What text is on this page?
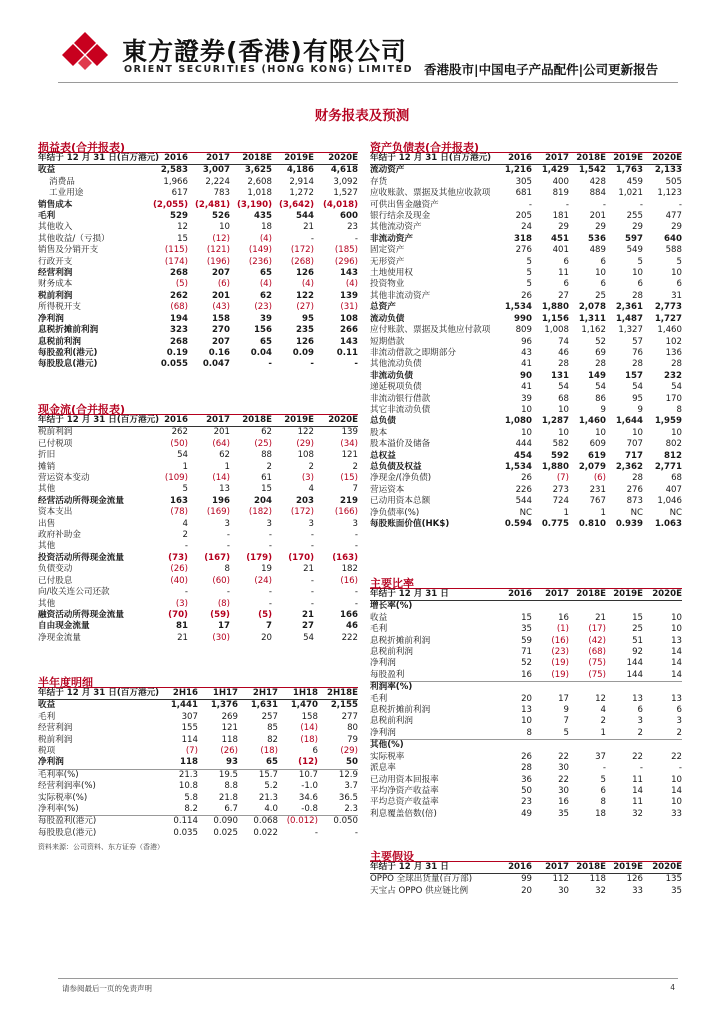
東方證券(香港)有限公司
ORIENT SECURITIES (HONG KONG) LIMITED 香港股市|中国电子产品配件|公司更新报告
财务报表及预测
损益表(合并报表)
年结于 12 月 31 日(百万港元)	2016	2017	2018E	2019E	2020E
收益	2,583	3,007	3,625	4,186	4,618
消费品	1,966	2,224	2,608	2,914	3,092
工业用途	617	783	1,018	1,272	1,527
销售成本	(2,055)	(2,481)	(3,190)	(3,642)	(4,018)
毛利	529	526	435	544	600
其他收入	12	10	18	21	23
其他收益/（亏损）	15	(12)	(4)	-	-
销售及分销开支	(115)	(121)	(149)	(172)	(185)
行政开支	(174)	(196)	(236)	(268)	(296)
经营利润	268	207	65	126	143
财务成本	(5)	(6)	(4)	(4)	(4)
税前利润	262	201	62	122	139
所得税开支	(68)	(43)	(23)	(27)	(31)
净利润	194	158	39	95	108
息税折摊前利润	323	270	156	235	266
息税前利润	268	207	65	126	143
每股盈利(港元)	0.19	0.16	0.04	0.09	0.11
每股股息(港元)	0.055	0.047	-	-	-
现金流(合并报表)
年结于 12 月 31 日(百万港元)	2016	2017	2018E	2019E	2020E
税前利润	262	201	62	122	139
已付税项	(50)	(64)	(25)	(29)	(34)
折旧	54	62	88	108	121
摊销	1	1	2	2	2
营运资本变动	(109)	(14)	61	(3)	(15)
其他	5	13	15	4	7
经营活动所得现金流量	163	196	204	203	219
资本支出	(78)	(169)	(182)	(172)	(166)
出售	4	3	3	3	3
政府补助金	2	-	-	-	-
其他	-	-	-	-	-
投资活动所得现金流量	(73)	(167)	(179)	(170)	(163)
负债变动	(26)	8	19	21	182
已付股息	(40)	(60)	(24)	-	(16)
向/收关连公司还款	-	-	-	-	-
其他	(3)	(8)	-	-	-
融资活动所得现金流量	(70)	(59)	(5)	21	166
自由现金流量	81	17	7	27	46
净现金流量	21	(30)	20	54	222
半年度明细
年结于 12 月 31 日(百万港元)	2H16	1H17	2H17	1H18	2H18E
收益	1,441	1,376	1,631	1,470	2,155
毛利	307	269	257	158	277
经营利润	155	121	85	(14)	80
税前利润	114	118	82	(18)	79
税项	(7)	(26)	(18)	6	(29)
净利润	118	93	65	(12)	50
毛利率(%)	21.3	19.5	15.7	10.7	12.9
经营利润率(%)	10.8	8.8	5.2	-1.0	3.7
实际税率(%)	5.8	21.8	21.3	34.6	36.5
净利率(%)	8.2	6.7	4.0	-0.8	2.3
每股盈利(港元)	0.114	0.090	0.068	(0.012)	0.050
每股股息(港元)	0.035	0.025	0.022	-	-
资料来源：公司资料、东方证券（香港）
资产负债表(合并报表)
年结于 12 月 31 日(百万港元)	2016	2017	2018E	2019E	2020E
流动资产	1,216	1,429	1,542	1,763	2,133
存货	305	400	428	459	505
应收账款、票据及其他应收款项	681	819	884	1,021	1,123
可供出售金融资产	-	-	-	-	-
银行结余及现金	205	181	201	255	477
其他流动资产	24	29	29	29	29
非流动资产	318	451	536	597	640
固定资产	276	401	489	549	588
无形资产	5	6	6	5	5
土地使用权	5	11	10	10	10
投资物业	5	6	6	6	6
其他非流动资产	26	27	25	28	31
总资产	1,534	1,880	2,078	2,361	2,773
流动负债	990	1,156	1,311	1,487	1,727
应付账款、票据及其他应付款项	809	1,008	1,162	1,327	1,460
短期借款	96	74	52	57	102
非流动借款之即期部分	43	46	69	76	136
其他流动负债	41	28	28	28	28
非流动负债	90	131	149	157	232
递延税项负债	41	54	54	54	54
非流动银行借款	39	68	86	95	170
其它非流动负债	10	10	9	9	8
总负债	1,080	1,287	1,460	1,644	1,959
股本	10	10	10	10	10
股本溢价及储备	444	582	609	707	802
总权益	454	592	619	717	812
总负债及权益	1,534	1,880	2,079	2,362	2,771
净现金/(净负债)	26	(7)	(6)	28	68
营运资本	226	273	231	276	407
已动用资本总额	544	724	767	873	1,046
净负债率(%)	NC	1	1	NC	NC
每股账面价值(HK$)	0.594	0.775	0.810	0.939	1.063
主要比率
年结于 12 月 31 日	2016	2017	2018E	2019E	2020E
增长率(%)					
收益	15	16	21	15	10
毛利	35	(1)	(17)	25	10
息税折摊前利润	59	(16)	(42)	51	13
息税前利润	71	(23)	(68)	92	14
净利润	52	(19)	(75)	144	14
每股盈利	16	(19)	(75)	144	14
利润率(%)					
毛利	20	17	12	13	13
息税折摊前利润	13	9	4	6	6
息税前利润	10	7	2	3	3
净利润	8	5	1	2	2
其他(%)					
实际税率	26	22	37	22	22
派息率	28	30	-	-	-
已动用资本回报率	36	22	5	11	10
平均净资产收益率	50	30	6	14	14
平均总资产收益率	23	16	8	11	10
利息覆盖倍数(倍)	49	35	18	32	33
主要假设
年结于 12 月 31 日	2016	2017	2018E	2019E	2020E
OPPO 全球出货量(百万部)	99	112	118	126	135
天宝占 OPPO 供应链比例	20	30	32	33	35
请参阅最后一页的免责声明	4
